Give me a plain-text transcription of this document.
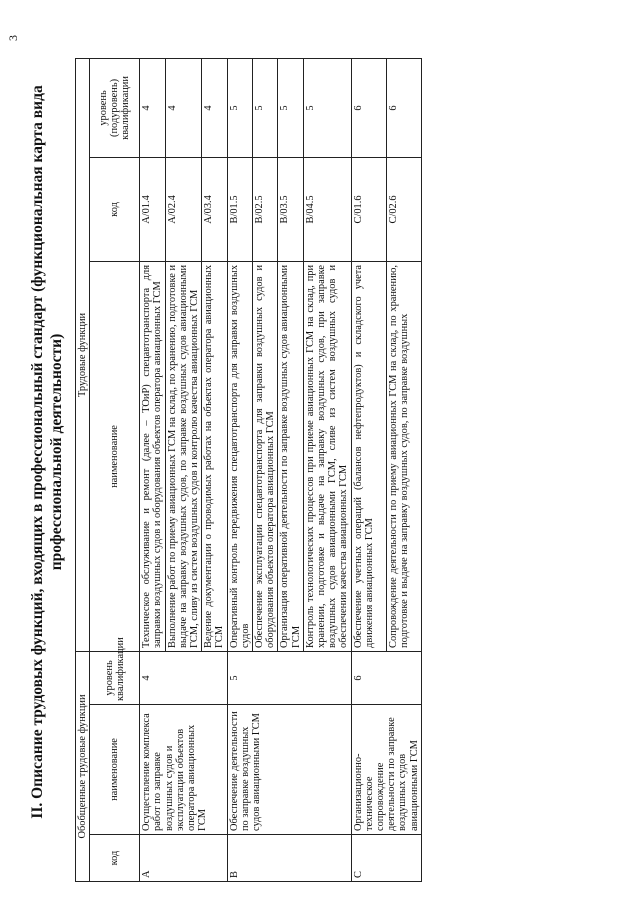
3
II. Описание трудовых функций, входящих в профессиональный стандарт (функциональная карта вида профессиональной деятельности)
Обобщенные трудовые функции			Трудовые функции		
код	наименование	уровень квалификации	наименование	код	уровень (подуровень) квалификации
A	Осуществление комплекса работ по заправке воздушных судов и эксплуатации объектов оператора авиационных ГСМ	4	Техническое обслуживание и ремонт (далее – ТОиР) спецавтотранспорта для заправки воздушных судов и оборудования объектов оператора авиационных ГСМ	A/01.4	4
			Выполнение работ по приему авиационных ГСМ на склад, по хранению, подготовке и выдаче на заправку воздушных судов, по заправке воздушных судов авиационными ГСМ, сливу из систем воздушных судов и контролю качества авиационных ГСМ	A/02.4	4
			Ведение документации о проводимых работах на объектах оператора авиационных ГСМ	A/03.4	4
B	Обеспечение деятельности по заправке воздушных судов авиационными ГСМ	5	Оперативный контроль передвижения спецавтотранспорта для заправки воздушных судов	B/01.5	5
			Обеспечение эксплуатации спецавтотранспорта для заправки воздушных судов и оборудования объектов оператора авиационных ГСМ	B/02.5	5
			Организация оперативной деятельности по заправке воздушных судов авиационными ГСМ	B/03.5	5
			Контроль технологических процессов при приеме авиационных ГСМ на склад, при хранении, подготовке и выдаче на заправку воздушных судов, при заправке воздушных судов авиационными ГСМ, сливе из систем воздушных судов и обеспечении качества авиационных ГСМ	B/04.5	5
C	Организационно-техническое сопровождение деятельности по заправке воздушных судов авиационными ГСМ	6	Обеспечение учетных операций (балансов нефтепродуктов) и складского учета движения авиационных ГСМ	C/01.6	6
			Сопровождение деятельности по приему авиационных ГСМ на склад, по хранению, подготовке и выдаче на заправку воздушных судов, по заправке воздушных	C/02.6	6
